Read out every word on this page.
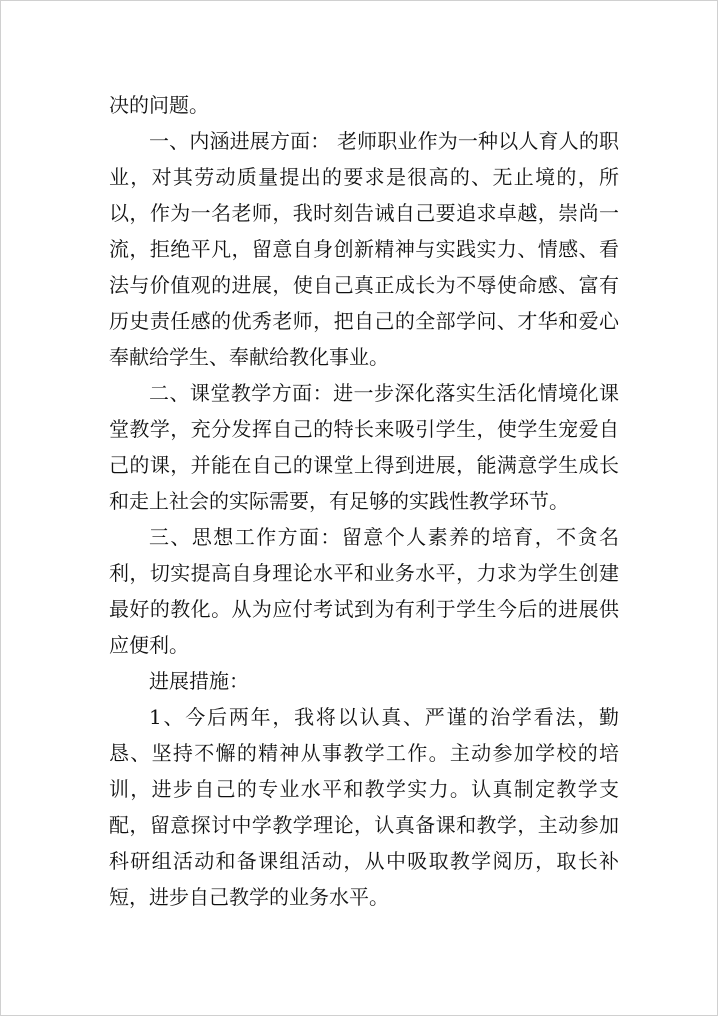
决的问题。

一、内涵进展方面： 老师职业作为一种以人育人的职业，对其劳动质量提出的要求是很高的、无止境的，所以，作为一名老师，我时刻告诫自己要追求卓越，崇尚一流，拒绝平凡，留意自身创新精神与实践实力、情感、看法与价值观的进展，使自己真正成长为不辱使命感、富有历史责任感的优秀老师，把自己的全部学问、才华和爱心奉献给学生、奉献给教化事业。

二、课堂教学方面：进一步深化落实生活化情境化课堂教学，充分发挥自己的特长来吸引学生，使学生宠爱自己的课，并能在自己的课堂上得到进展，能满意学生成长和走上社会的实际需要，有足够的实践性教学环节。

三、思想工作方面：留意个人素养的培育，不贪名利，切实提高自身理论水平和业务水平，力求为学生创建最好的教化。从为应付考试到为有利于学生今后的进展供应便利。

进展措施：

1、今后两年，我将以认真、严谨的治学看法，勤恳、坚持不懈的精神从事教学工作。主动参加学校的培训，进步自己的专业水平和教学实力。认真制定教学支配，留意探讨中学教学理论，认真备课和教学，主动参加科研组活动和备课组活动，从中吸取教学阅历，取长补短，进步自己教学的业务水平。
